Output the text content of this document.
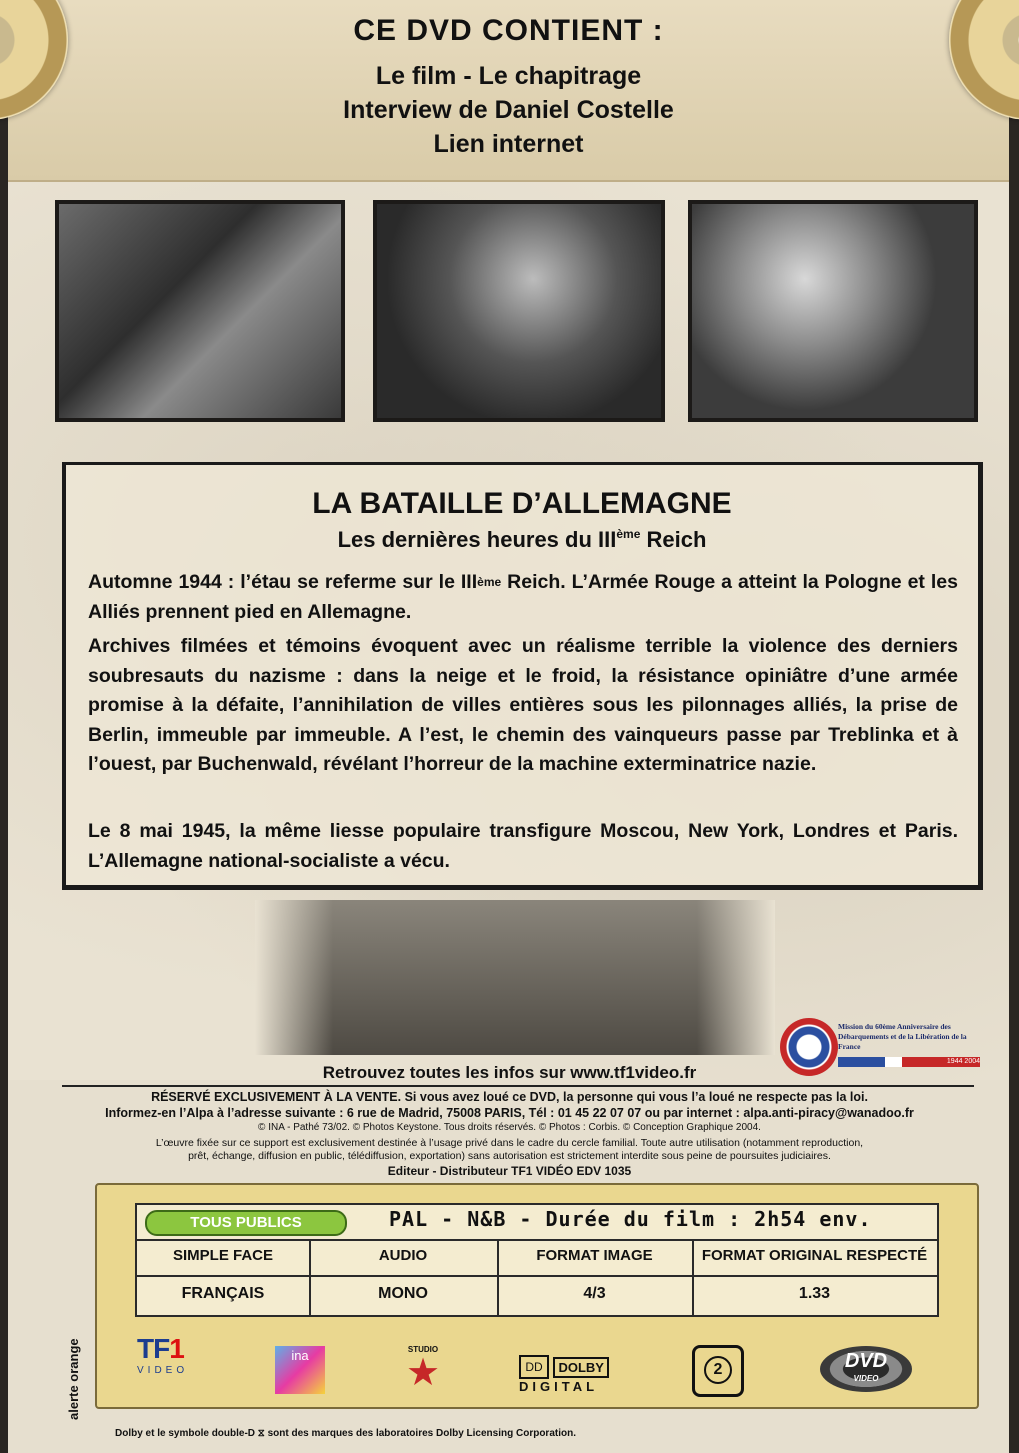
CE DVD CONTIENT :
Le film - Le chapitrage
Interview de Daniel Costelle
Lien internet
LA BATAILLE D’ALLEMAGNE
Les dernières heures du IIIème Reich
Automne 1944 : l’étau se referme sur le IIIème Reich. L’Armée Rouge a atteint la Pologne et les Alliés prennent pied en Allemagne.
Archives filmées et témoins évoquent avec un réalisme terrible la violence des derniers soubresauts du nazisme : dans la neige et le froid, la résistance opiniâtre d’une armée promise à la défaite, l’annihilation de villes entières sous les pilonnages alliés, la prise de Berlin, immeuble par immeuble. A l’est, le chemin des vainqueurs passe par Treblinka et à l’ouest, par Buchenwald, révélant l’horreur de la machine exterminatrice nazie.
Le 8 mai 1945, la même liesse populaire transfigure Moscou, New York, Londres et Paris. L’Allemagne national-socialiste a vécu.
Mission du 60ème Anniversaire des Débarquements et de la Libération de la France
1944 2004
Retrouvez toutes les infos sur www.tf1video.fr
RÉSERVÉ EXCLUSIVEMENT À LA VENTE. Si vous avez loué ce DVD, la personne qui vous l’a loué ne respecte pas la loi.
Informez-en l’Alpa à l’adresse suivante : 6 rue de Madrid, 75008 PARIS, Tél : 01 45 22 07 07 ou par internet : alpa.anti-piracy@wanadoo.fr
© INA - Pathé 73/02. © Photos Keystone. Tous droits réservés. © Photos : Corbis. © Conception Graphique 2004.
L’œuvre fixée sur ce support est exclusivement destinée à l’usage privé dans le cadre du cercle familial. Toute autre utilisation (notamment reproduction,
prêt, échange, diffusion en public, télédiffusion, exportation) sans autorisation est strictement interdite sous peine de poursuites judiciaires.
Editeur - Distributeur TF1 VIDÉO EDV 1035
TOUS PUBLICS	PAL - N&B - Durée du film : 2h54 env.
SIMPLE FACE	AUDIO	FORMAT IMAGE	FORMAT ORIGINAL RESPECTÉ
FRANÇAIS	MONO	4/3	1.33
TF1
VIDEO
ina	STUDIO
★	DD DOLBY
DIGITAL
2	DVD
VIDEO
alerte orange
Dolby et le symbole double-D ⧖ sont des marques des laboratoires Dolby Licensing Corporation.
